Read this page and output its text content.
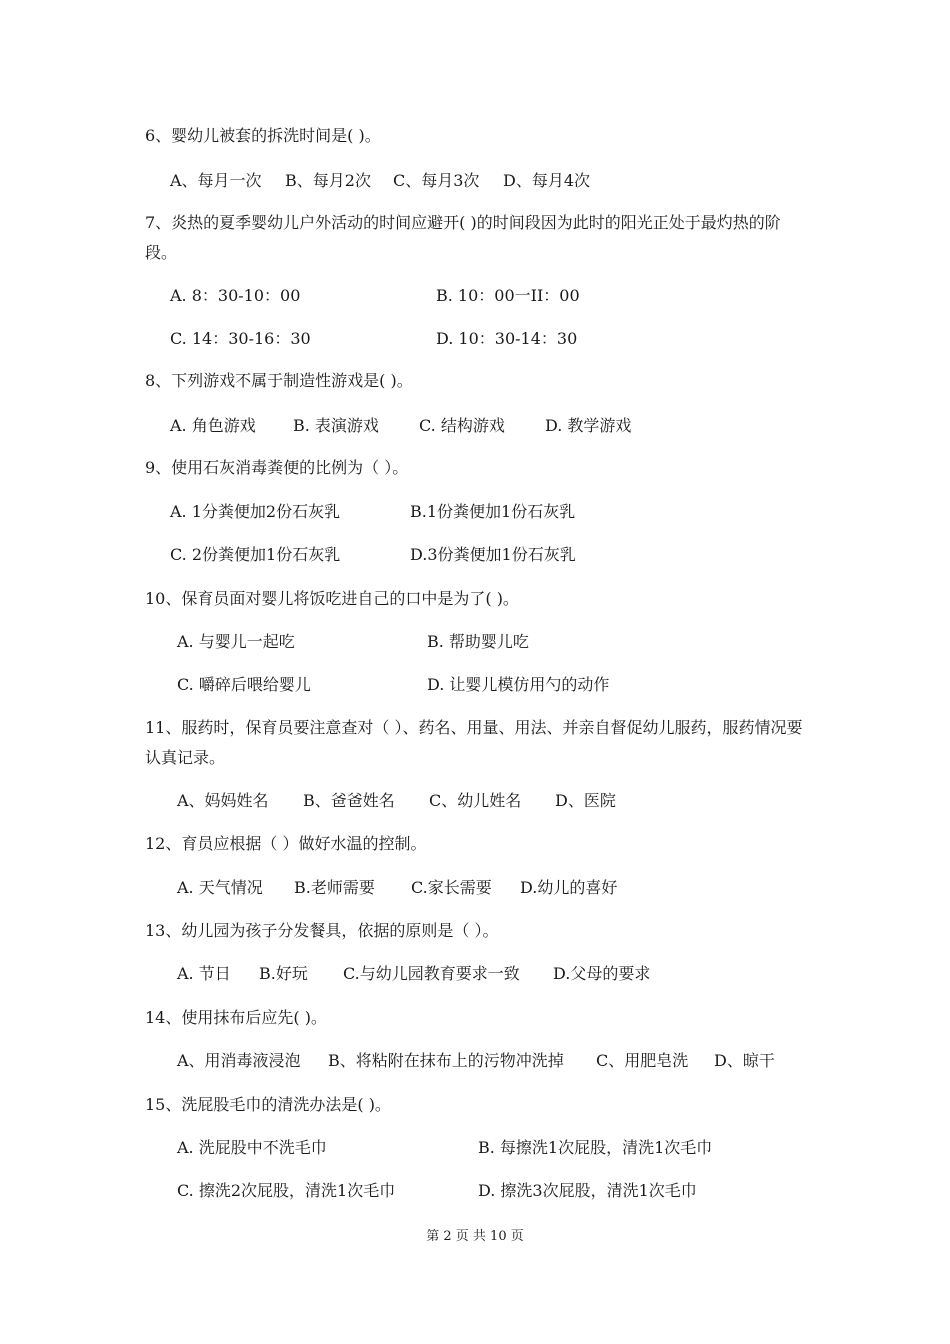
6、婴幼儿被套的拆洗时间是( )。
A、每月一次 B、每月2次 C、每月3次 D、每月4次
7、炎热的夏季婴幼儿户外活动的时间应避开( )的时间段因为此时的阳光正处于最灼热的阶段。
A. 8：30-10：00	B. 10：00一II：00
C. 14：30-16：30	D. 10：30-14：30
8、下列游戏不属于制造性游戏是( )。
A. 角色游戏 B. 表演游戏	C. 结构游戏	D. 教学游戏
9、使用石灰消毒粪便的比例为（ ）。
A. 1分粪便加2份石灰乳	B.1份粪便加1份石灰乳
C. 2份粪便加1份石灰乳	D.3份粪便加1份石灰乳
10、保育员面对婴儿将饭吃进自己的口中是为了( )。
A. 与婴儿一起吃	B. 帮助婴儿吃
C. 嚼碎后喂给婴儿	D. 让婴儿模仿用勺的动作
11、服药时，保育员要注意查对（ ）、药名、用量、用法、并亲自督促幼儿服药，服药情况要认真记录。
A、妈妈姓名 B、爸爸姓名 C、幼儿姓名 D、医院
12、育员应根据（ ）做好水温的控制。
A. 天气情况 B.老师需要 C.家长需要 D.幼儿的喜好
13、幼儿园为孩子分发餐具，依据的原则是（ ）。
A. 节日 B.好玩 C.与幼儿园教育要求一致 D.父母的要求
14、使用抹布后应先( )。
A、用消毒液浸泡 B、将粘附在抹布上的污物冲洗掉 C、用肥皂洗 D、晾干
15、洗屁股毛巾的清洗办法是( )。
A. 洗屁股中不洗毛巾	B. 每擦洗1次屁股，清洗1次毛巾
C. 擦洗2次屁股，清洗1次毛巾	D. 擦洗3次屁股，清洗1次毛巾
第 2 页 共 10 页
